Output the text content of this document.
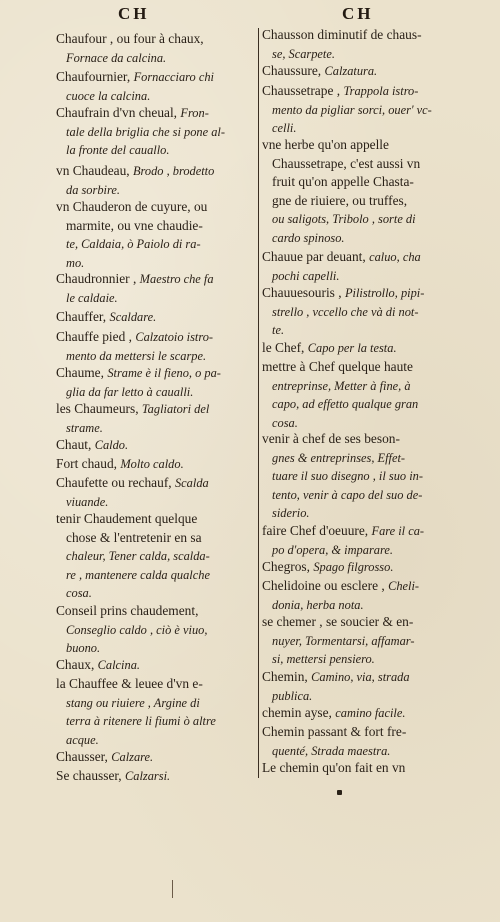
CH	CH
Chaufour , ou four à chaux,
Fornace da calcina.
Chaufournier, Fornacciaro chi
cuoce la calcina.
Chaufrain d'vn cheual, Fron-
tale della briglia che si pone al-
la fronte del cauallo.
vn Chaudeau, Brodo , brodetto
da sorbire.
vn Chauderon de cuyure, ou
marmite, ou vne chaudie-
te, Caldaia, ò Paiolo di ra-
mo.
Chaudronnier , Maestro che fa
le caldaie.
Chauffer, Scaldare.
Chauffe pied , Calzatoio istro-
mento da mettersi le scarpe.
Chaume, Strame è il fieno, o pa-
glia da far letto à caualli.
les Chaumeurs, Tagliatori del
strame.
Chaut, Caldo.
Fort chaud, Molto caldo.
Chaufette ou rechauf, Scalda
viuande.
tenir Chaudement quelque
chose & l'entretenir en sa
chaleur, Tener calda, scalda-
re , mantenere calda qualche
cosa.
Conseil prins chaudement,
Conseglio caldo , ciò è viuo,
buono.
Chaux, Calcina.
la Chauffee & leuee d'vn e-
stang ou riuiere , Argine di
terra à ritenere li fiumi ò altre
acque.
Chausser, Calzare.
Se chausser, Calzarsi.
Chausson diminutif de chaus-
se, Scarpete.
Chaussure, Calzatura.
Chaussetrape , Trappola istro-
mento da pigliar sorci, ouer' vc-
celli.
vne herbe qu'on appelle
Chaussetrape, c'est aussi vn
fruit qu'on appelle Chasta-
gne de riuiere, ou truffes,
ou saligots, Tribolo , sorte di
cardo spinoso.
Chauue par deuant, caluo, cha
pochi capelli.
Chauuesouris , Pilistrollo, pipi-
strello , vccello che và di not-
te.
le Chef, Capo per la testa.
mettre à Chef quelque haute
entreprinse, Metter à fine, à
capo, ad effetto qualque gran
cosa.
venir à chef de ses beson-
gnes & entreprinses, Effet-
tuare il suo disegno , il suo in-
tento, venir à capo del suo de-
siderio.
faire Chef d'oeuure, Fare il ca-
po d'opera, & imparare.
Chegros, Spago filgrosso.
Chelidoine ou esclere , Cheli-
donia, herba nota.
se chemer , se soucier & en-
nuyer, Tormentarsi, affamar-
si, mettersi pensiero.
Chemin, Camino, via, strada
publica.
chemin ayse, camino facile.
Chemin passant & fort fre-
quenté, Strada maestra.
Le chemin qu'on fait en vn
